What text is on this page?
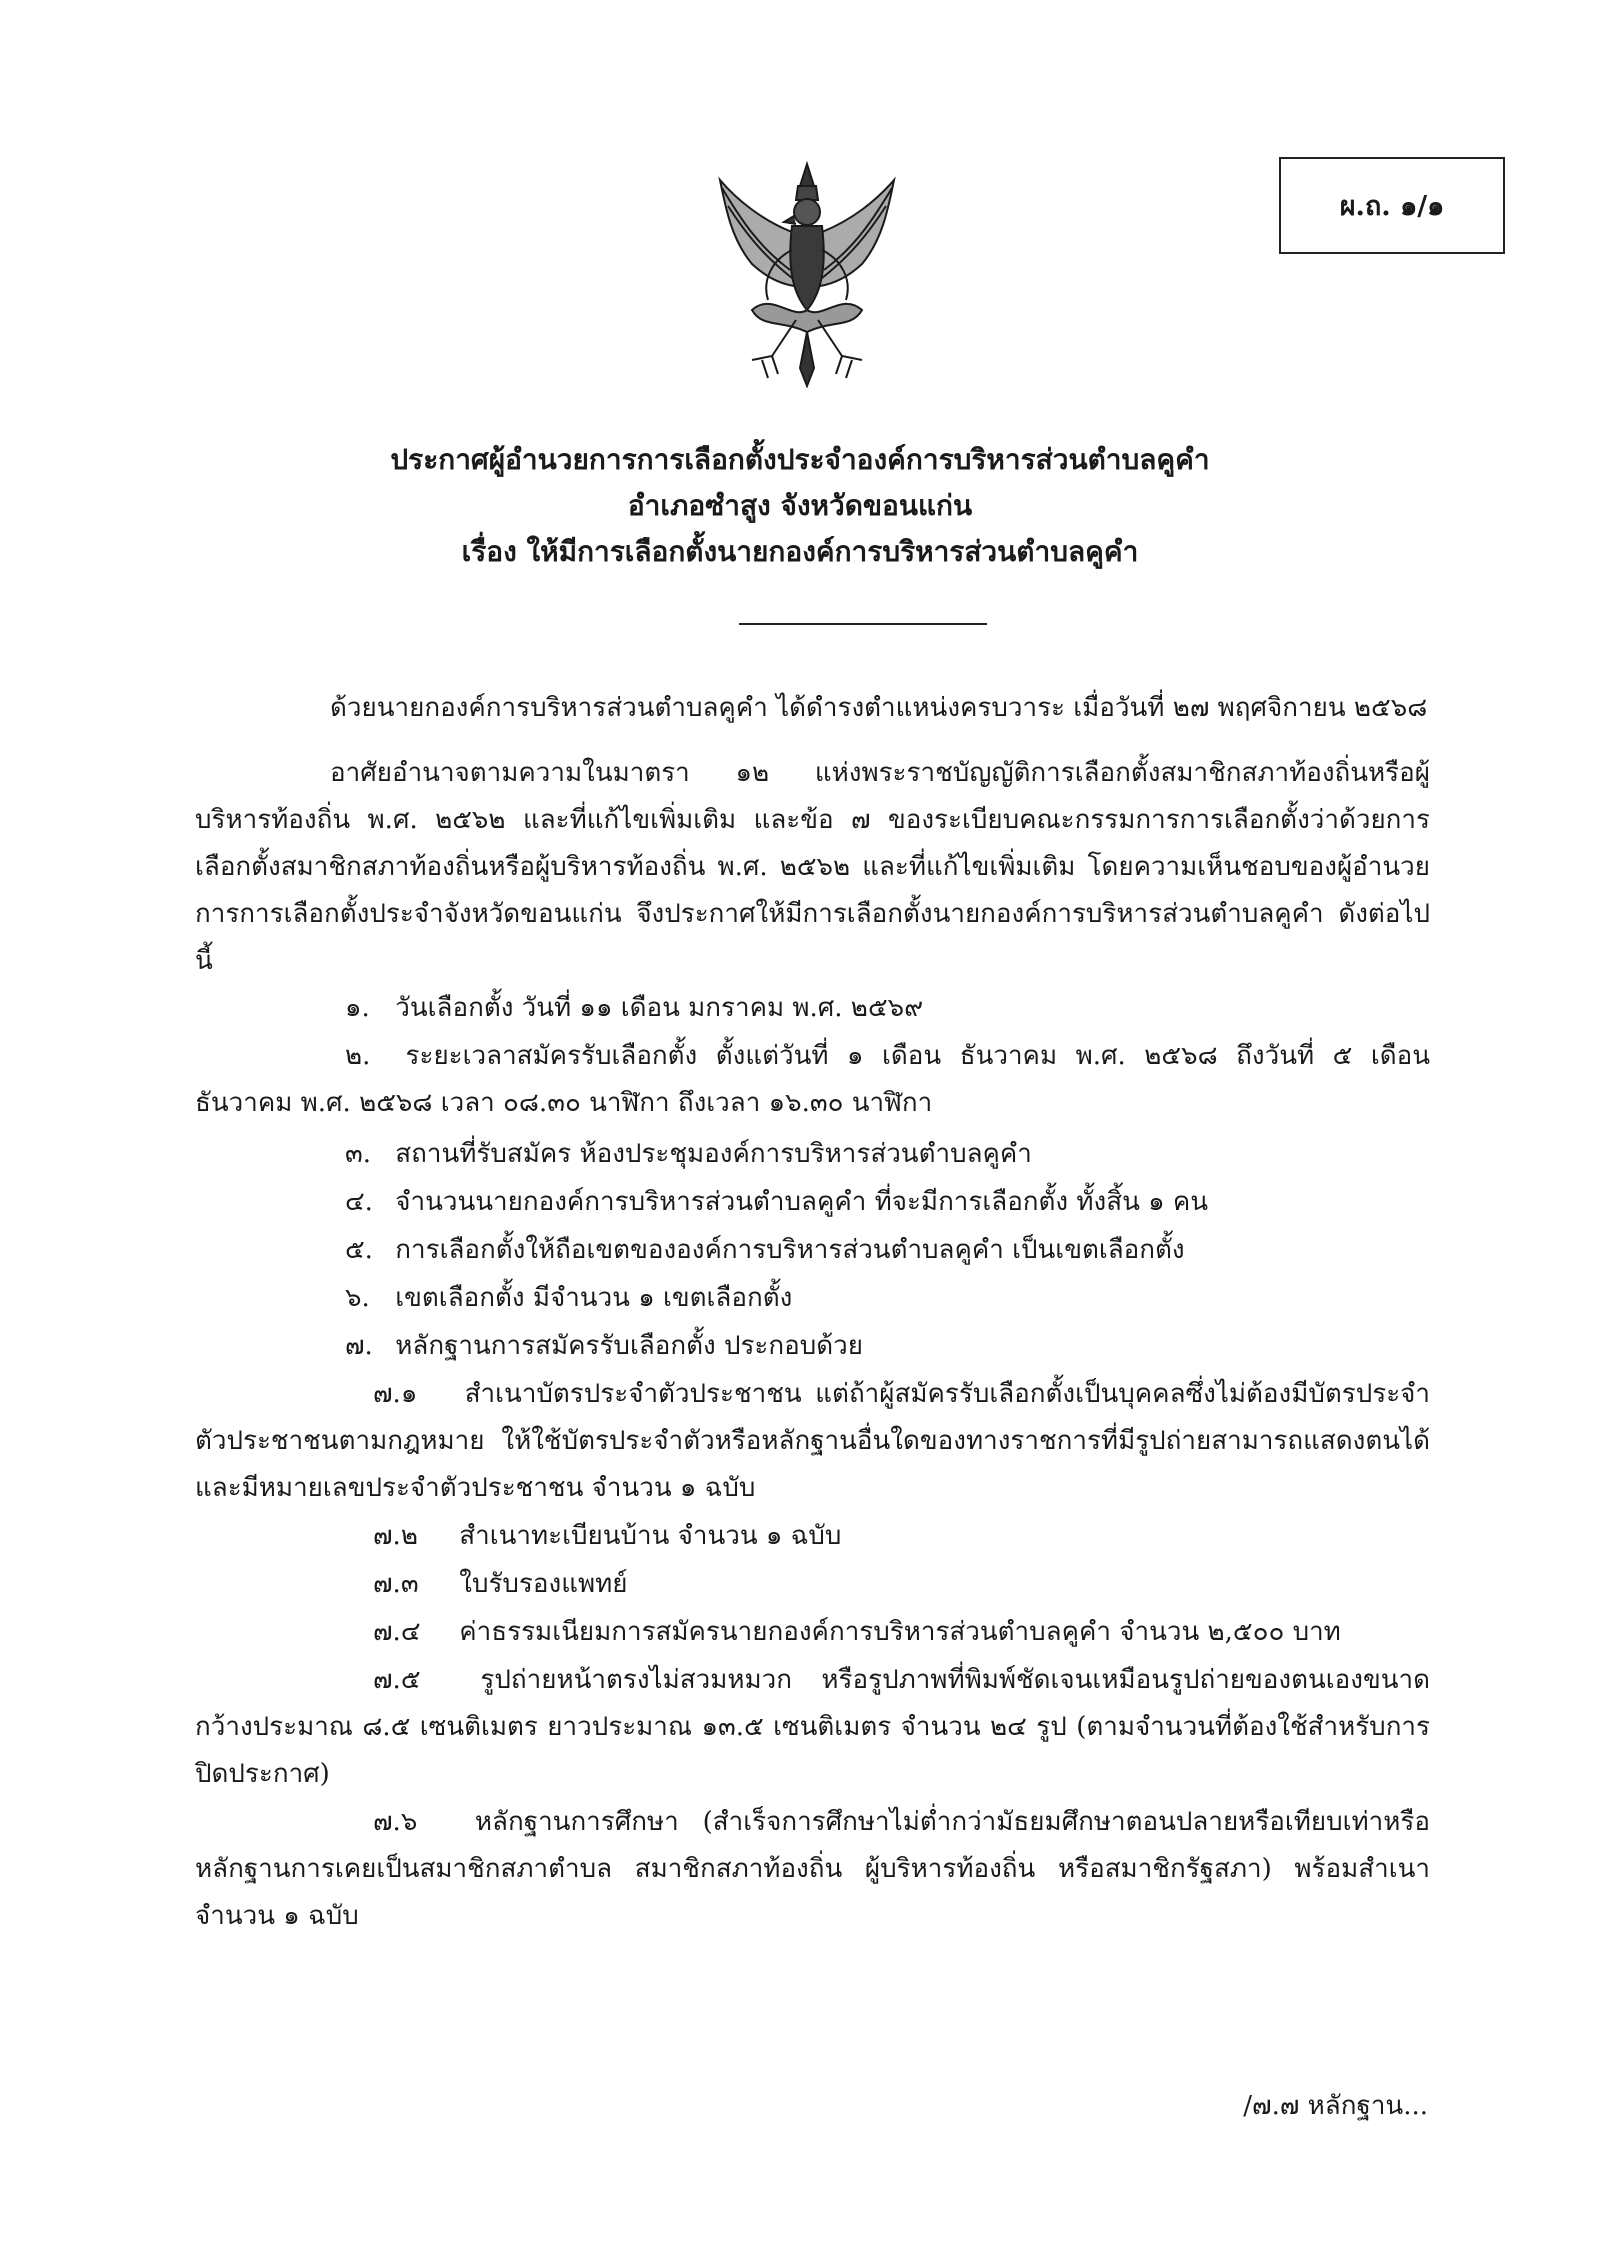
ผ.ถ. ๑/๑
ประกาศผู้อำนวยการการเลือกตั้งประจำองค์การบริหารส่วนตำบลคูคำ
อำเภอซำสูง จังหวัดขอนแก่น
เรื่อง ให้มีการเลือกตั้งนายกองค์การบริหารส่วนตำบลคูคำ

ด้วยนายกองค์การบริหารส่วนตำบลคูคำ ได้ดำรงตำแหน่งครบวาระ เมื่อวันที่ ๒๗ พฤศจิกายน ๒๕๖๘

อาศัยอำนาจตามความในมาตรา ๑๒ แห่งพระราชบัญญัติการเลือกตั้งสมาชิกสภาท้องถิ่นหรือผู้บริหารท้องถิ่น พ.ศ. ๒๕๖๒ และที่แก้ไขเพิ่มเติม และข้อ ๗ ของระเบียบคณะกรรมการการเลือกตั้งว่าด้วยการเลือกตั้งสมาชิกสภาท้องถิ่นหรือผู้บริหารท้องถิ่น พ.ศ. ๒๕๖๒ และที่แก้ไขเพิ่มเติม โดยความเห็นชอบของผู้อำนวยการการเลือกตั้งประจำจังหวัดขอนแก่น จึงประกาศให้มีการเลือกตั้งนายกองค์การบริหารส่วนตำบลคูคำ ดังต่อไปนี้

๑. วันเลือกตั้ง วันที่ ๑๑ เดือน มกราคม พ.ศ. ๒๕๖๙

๒. ระยะเวลาสมัครรับเลือกตั้ง ตั้งแต่วันที่ ๑ เดือน ธันวาคม พ.ศ. ๒๕๖๘ ถึงวันที่ ๕ เดือน ธันวาคม พ.ศ. ๒๕๖๘ เวลา ๐๘.๓๐ นาฬิกา ถึงเวลา ๑๖.๓๐ นาฬิกา

๓. สถานที่รับสมัคร ห้องประชุมองค์การบริหารส่วนตำบลคูคำ

๔. จำนวนนายกองค์การบริหารส่วนตำบลคูคำ ที่จะมีการเลือกตั้ง ทั้งสิ้น ๑ คน

๕. การเลือกตั้งให้ถือเขตขององค์การบริหารส่วนตำบลคูคำ เป็นเขตเลือกตั้ง

๖. เขตเลือกตั้ง มีจำนวน ๑ เขตเลือกตั้ง

๗. หลักฐานการสมัครรับเลือกตั้ง ประกอบด้วย

๗.๑ สำเนาบัตรประจำตัวประชาชน แต่ถ้าผู้สมัครรับเลือกตั้งเป็นบุคคลซึ่งไม่ต้องมีบัตรประจำตัวประชาชนตามกฎหมาย ให้ใช้บัตรประจำตัวหรือหลักฐานอื่นใดของทางราชการที่มีรูปถ่ายสามารถแสดงตนได้และมีหมายเลขประจำตัวประชาชน จำนวน ๑ ฉบับ

๗.๒ สำเนาทะเบียนบ้าน จำนวน ๑ ฉบับ

๗.๓ ใบรับรองแพทย์

๗.๔ ค่าธรรมเนียมการสมัครนายกองค์การบริหารส่วนตำบลคูคำ จำนวน ๒,๕๐๐ บาท

๗.๕ รูปถ่ายหน้าตรงไม่สวมหมวก หรือรูปภาพที่พิมพ์ชัดเจนเหมือนรูปถ่ายของตนเองขนาดกว้างประมาณ ๘.๕ เซนติเมตร ยาวประมาณ ๑๓.๕ เซนติเมตร จำนวน ๒๔ รูป (ตามจำนวนที่ต้องใช้สำหรับการปิดประกาศ)

๗.๖ หลักฐานการศึกษา (สำเร็จการศึกษาไม่ต่ำกว่ามัธยมศึกษาตอนปลายหรือเทียบเท่าหรือหลักฐานการเคยเป็นสมาชิกสภาตำบล สมาชิกสภาท้องถิ่น ผู้บริหารท้องถิ่น หรือสมาชิกรัฐสภา) พร้อมสำเนา จำนวน ๑ ฉบับ

/๗.๗ หลักฐาน...
